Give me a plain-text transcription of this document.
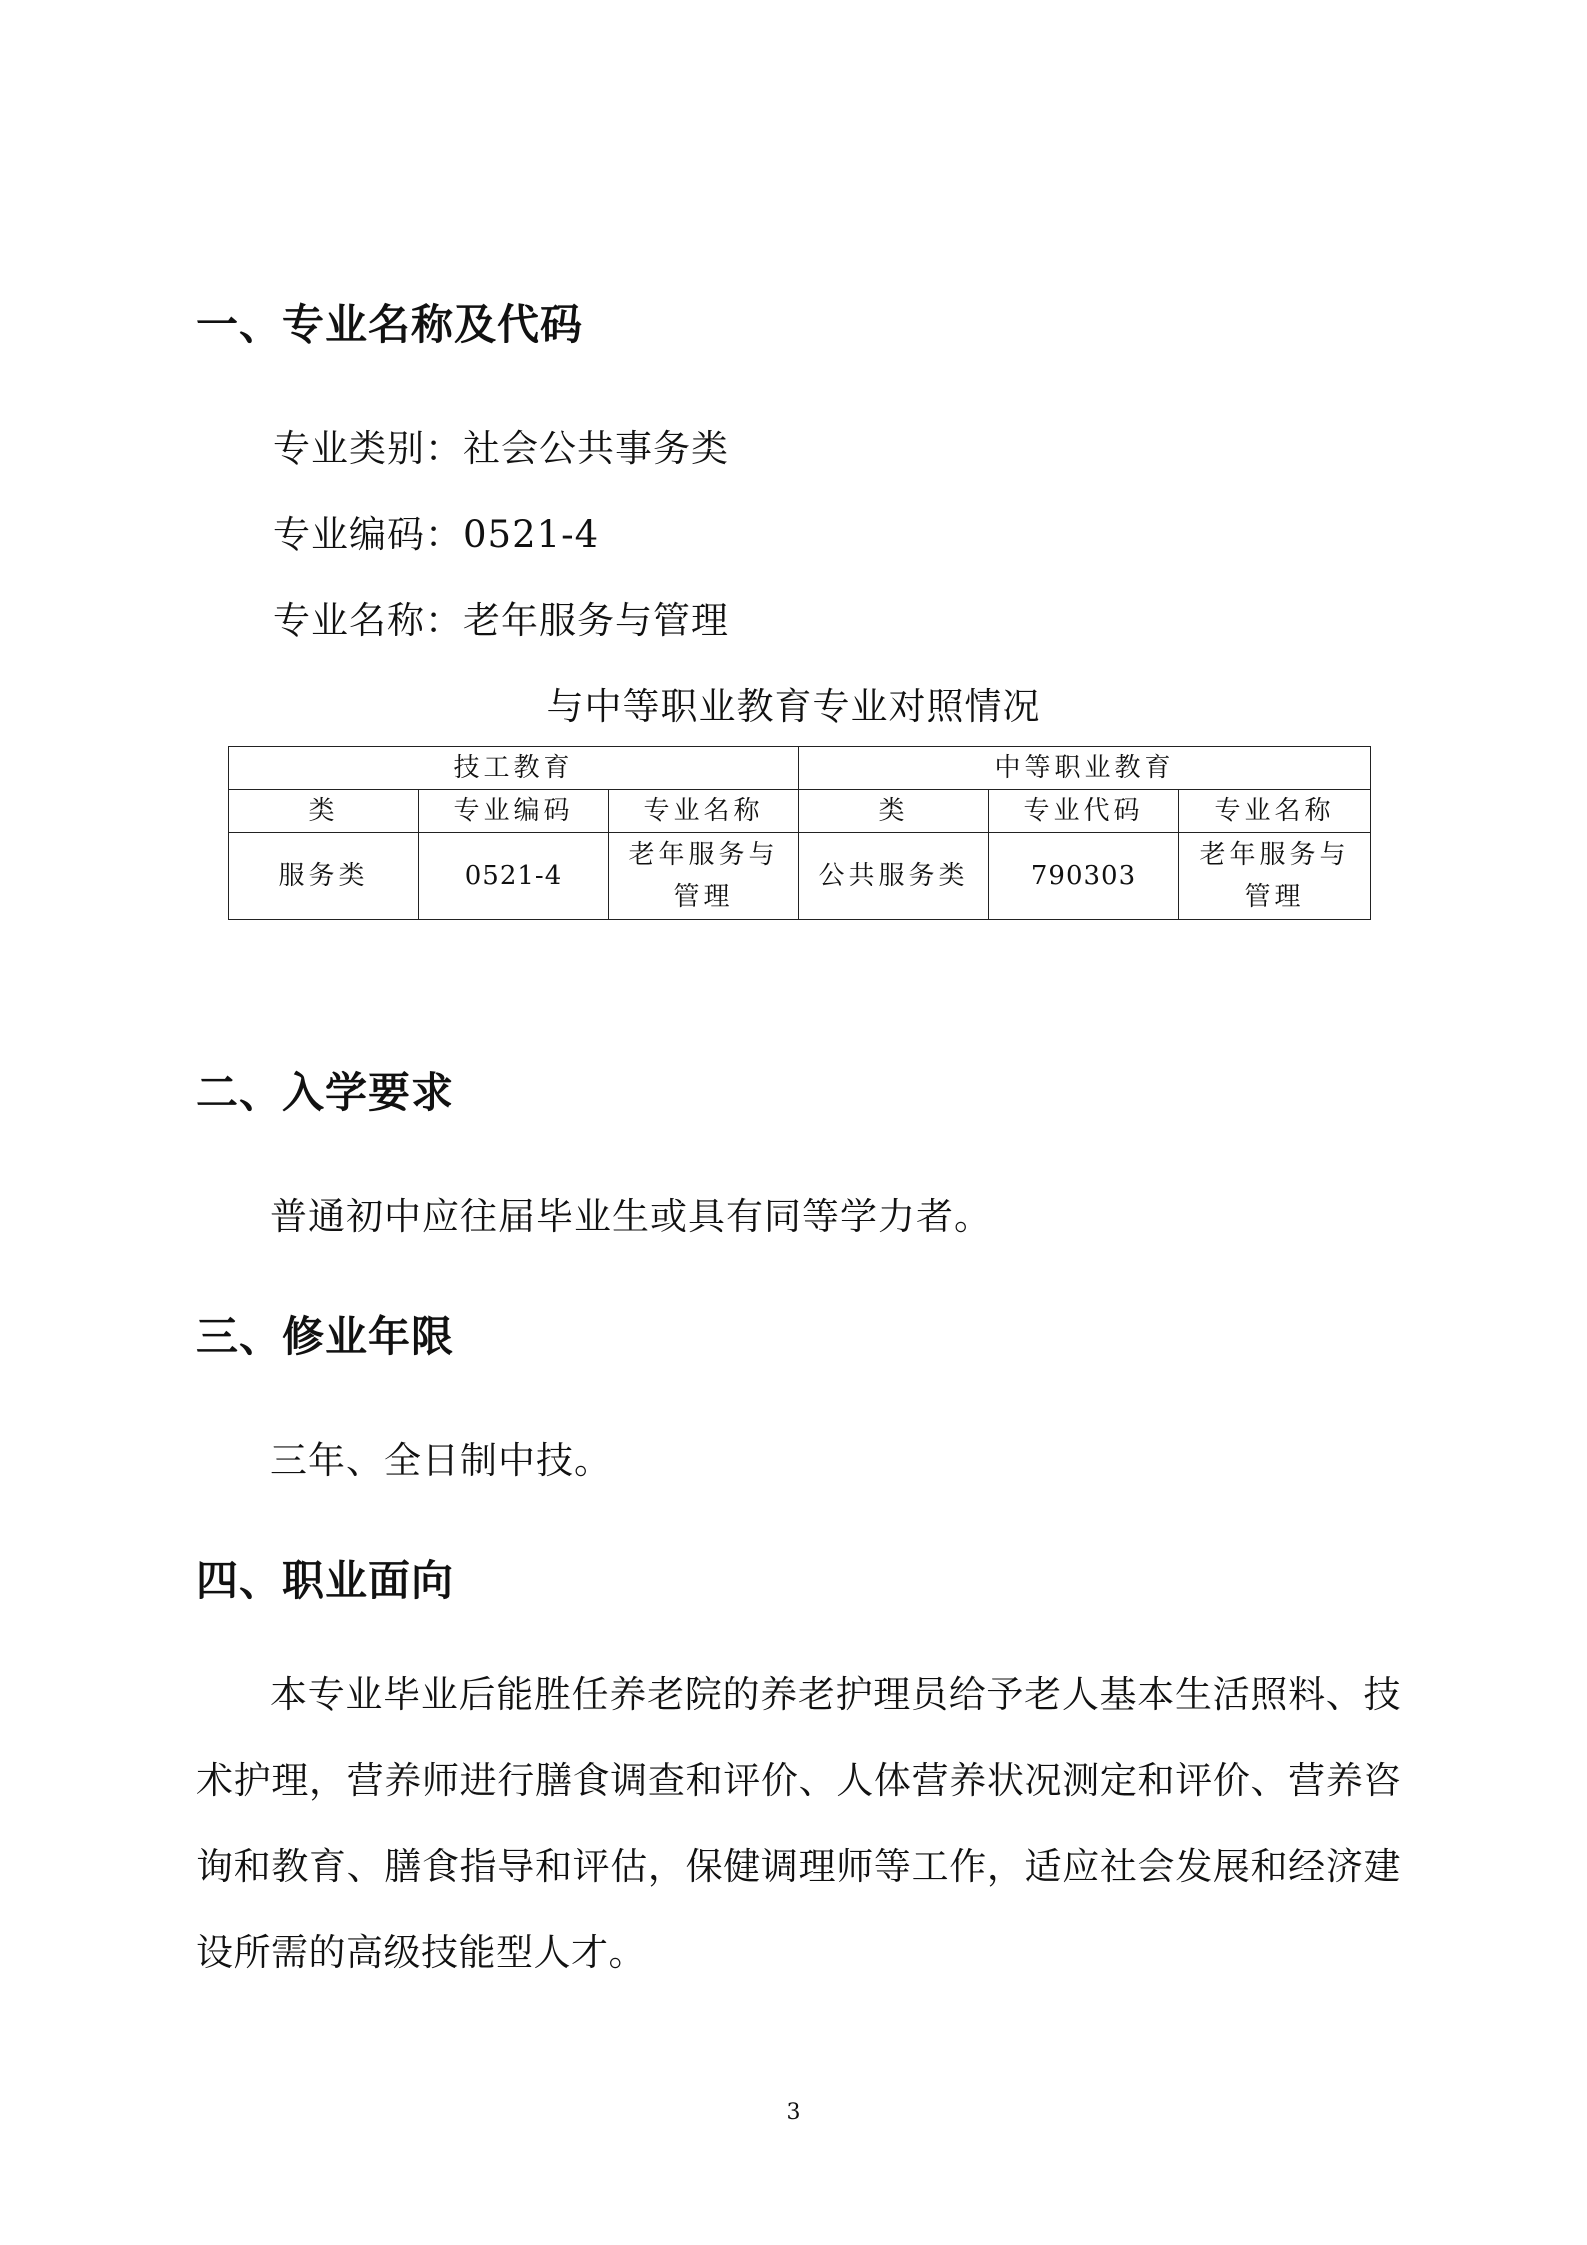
一、专业名称及代码
专业类别：社会公共事务类
专业编码：0521-4
专业名称：老年服务与管理
与中等职业教育专业对照情况
技工教育			中等职业教育		
类	专业编码	专业名称	类	专业代码	专业名称
服务类	0521-4	老年服务与管理	公共服务类	790303	老年服务与管理
二、入学要求
普通初中应往届毕业生或具有同等学力者。
三、修业年限
三年、全日制中技。
四、职业面向
本专业毕业后能胜任养老院的养老护理员给予老人基本生活照料、技术护理，营养师进行膳食调查和评价、人体营养状况测定和评价、营养咨询和教育、膳食指导和评估，保健调理师等工作，适应社会发展和经济建设所需的高级技能型人才。
3
